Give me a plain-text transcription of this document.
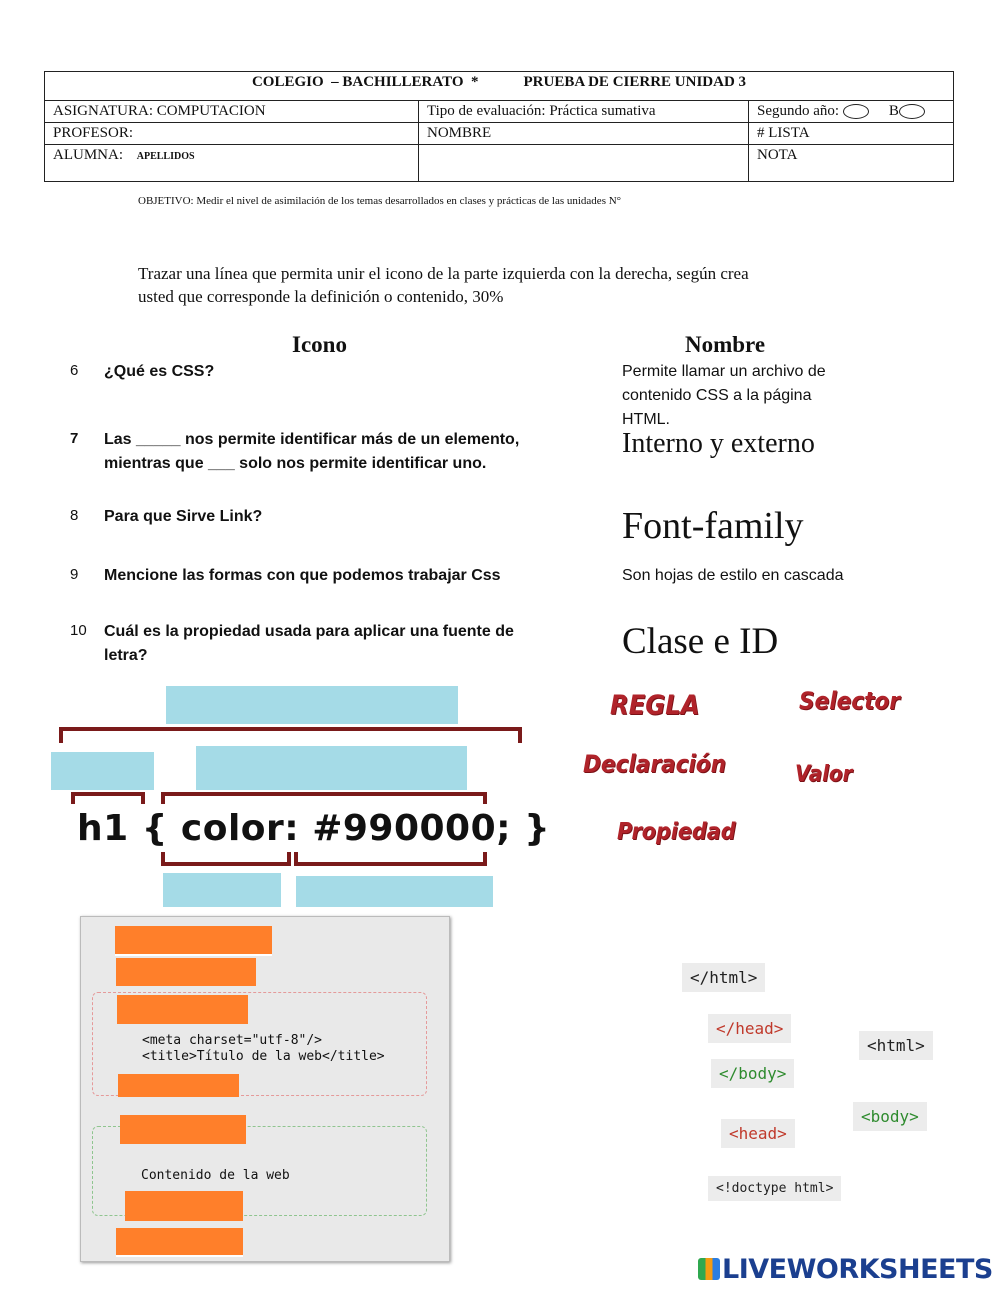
COLEGIO  – BACHILLERATO  *            PRUEBA DE CIERRE UNIDAD 3		
ASIGNATURA: COMPUTACION	Tipo de evaluación: Práctica sumativa	Segundo año: B
PROFESOR:	NOMBRE	# LISTA
ALUMNA: APELLIDOS		NOTA
OBJETIVO: Medir el nivel de asimilación de los temas desarrollados en clases y prácticas de las unidades N°
Trazar una línea que permita unir el icono de la parte izquierda con la derecha, según crea usted que corresponde la definición o contenido, 30%
Icono	Nombre
6 ¿Qué es CSS?
7 Las _____ nos permite identificar más de un elemento, mientras que ___ solo nos permite identificar uno.
8 Para que Sirve Link?
9 Mencione las formas con que podemos trabajar Css
10 Cuál es la propiedad usada para aplicar una fuente de letra?
Permite llamar un archivo de contenido CSS a la página HTML.
Interno y externo
Font-family
Son hojas de estilo en cascada
Clase e ID
h1 { color: #990000; }
REGLA	Selector
Declaración	Valor
Propiedad
<meta charset="utf-8"/>
<title>Título de la web</title>
Contenido de la web
</html>
</head>
<html>
</body>
<body>
<head>
<!doctype html>
LIVEWORKSHEETS
